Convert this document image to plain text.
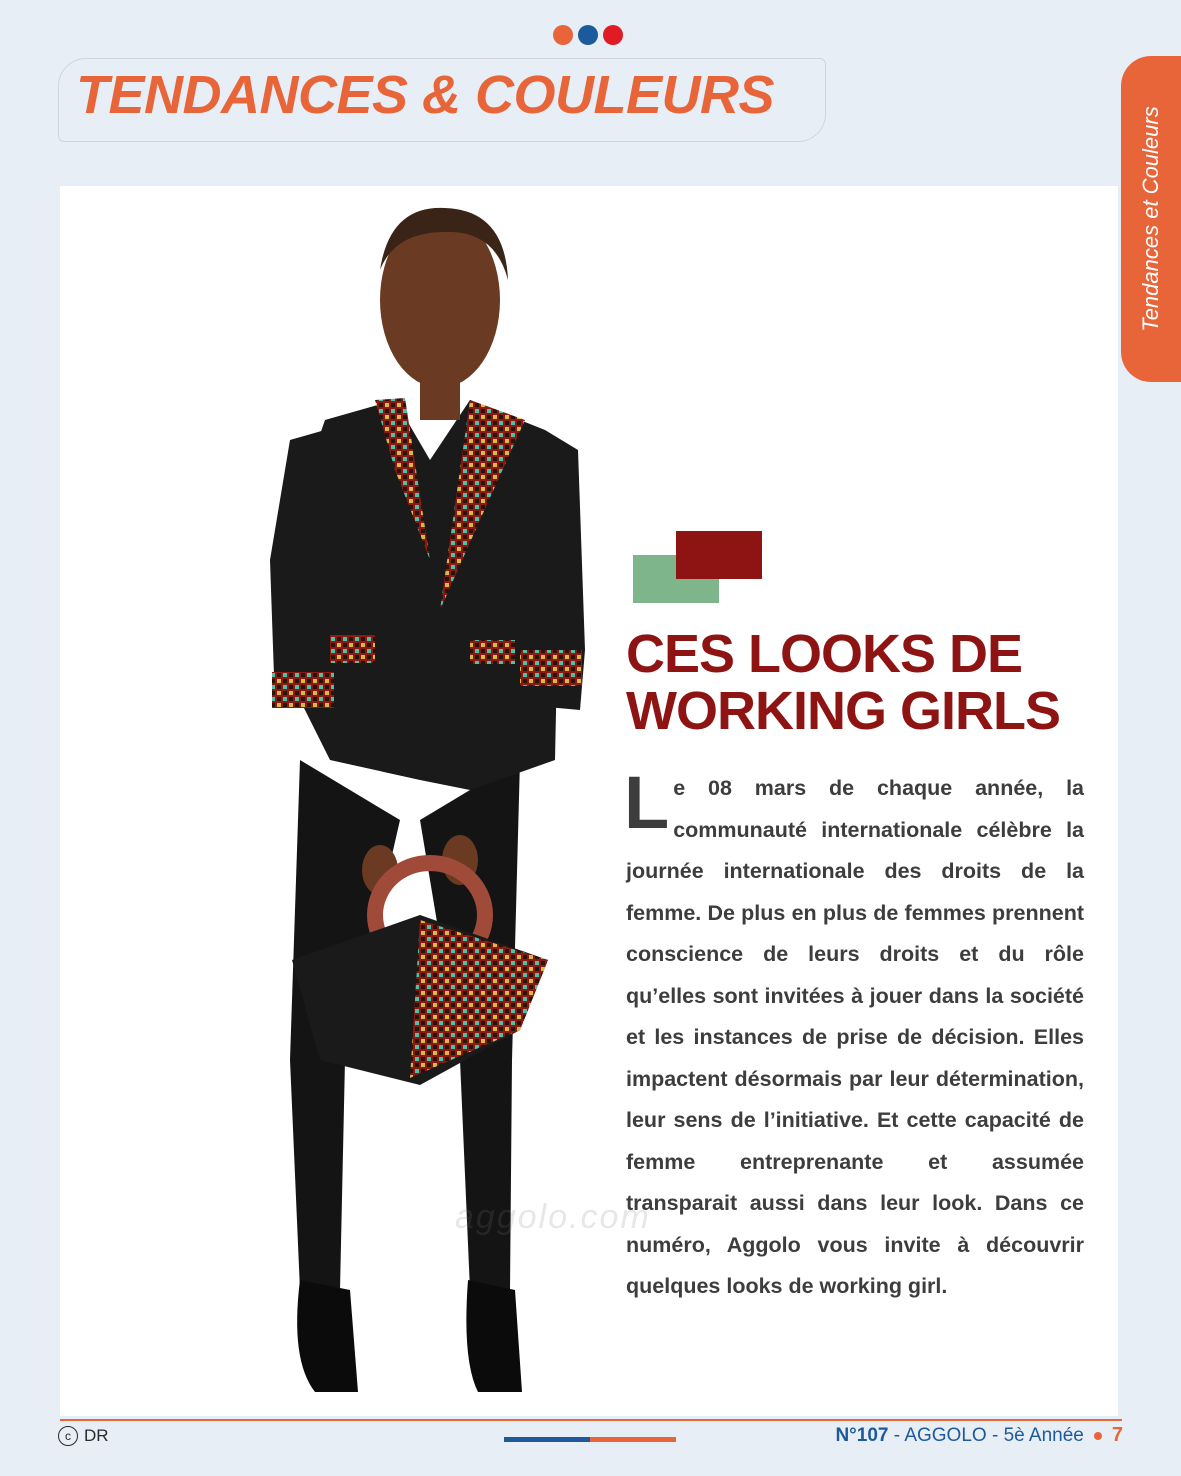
TENDANCES & COULEURS
Tendances et Couleurs
CES LOOKS DE
WORKING GIRLS

Le 08 mars de chaque année, la communauté internationale célèbre la journée internationale des droits de la femme. De plus en plus de femmes prennent conscience de leurs droits et du rôle qu’elles sont invitées à jouer dans la société et les instances de prise de décision. Elles impactent désormais par leur détermination, leur sens de l’initiative. Et cette capacité de femme entreprenante et assumée transparait aussi dans leur look. Dans ce numéro, Aggolo vous invite à découvrir quelques looks de working girl.

aggolo.com
c DR	N°107 - AGGOLO - 5è Année 7
